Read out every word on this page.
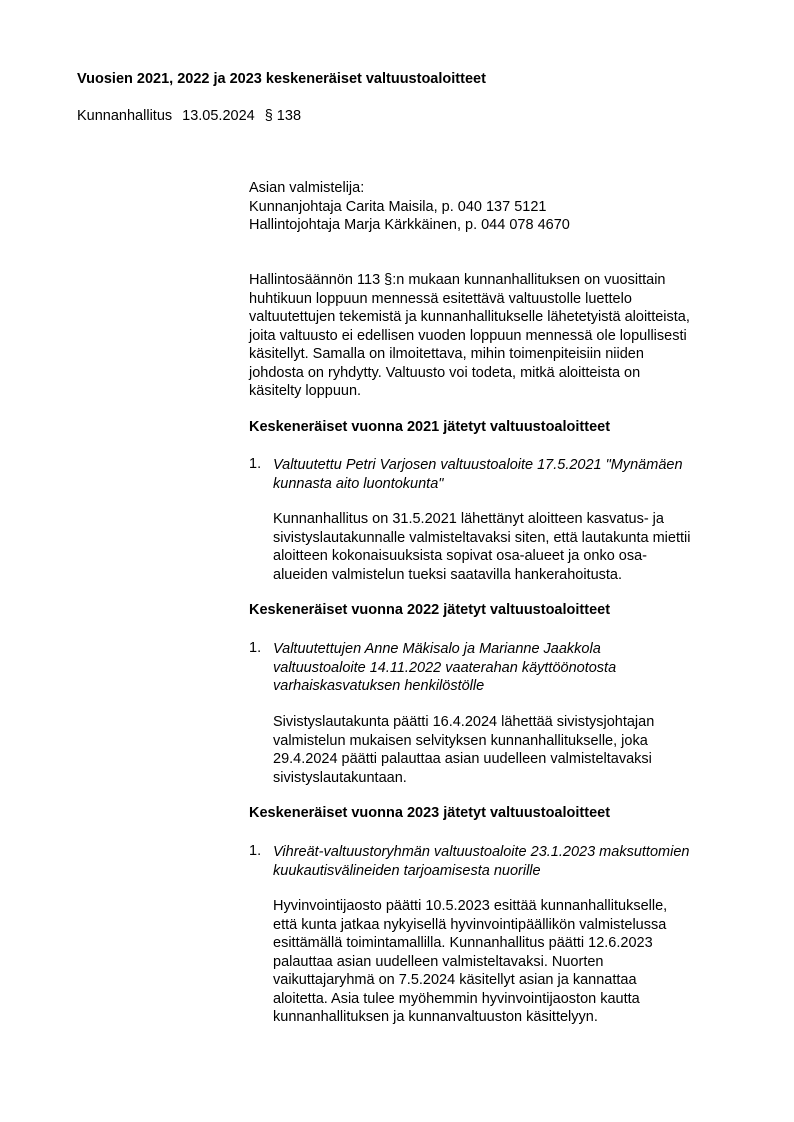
Vuosien 2021, 2022 ja 2023 keskeneräiset valtuustoaloitteet
Kunnanhallitus 13.05.2024 § 138
Asian valmistelija:
Kunnanjohtaja Carita Maisila, p. 040 137 5121
Hallintojohtaja Marja Kärkkäinen, p. 044 078 4670
Hallintosäännön 113 §:n mukaan kunnanhallituksen on vuosittain
huhtikuun loppuun mennessä esitettävä valtuustolle luettelo
valtuutettujen tekemistä ja kunnanhallitukselle lähetetyistä aloitteista,
joita valtuusto ei edellisen vuoden loppuun mennessä ole lopullisesti
käsitellyt. Samalla on ilmoitettava, mihin toimenpiteisiin niiden
johdosta on ryhdytty. Valtuusto voi todeta, mitkä aloitteista on
käsitelty loppuun.
Keskeneräiset vuonna 2021 jätetyt valtuustoaloitteet
1. Valtuutettu Petri Varjosen valtuustoaloite 17.5.2021 "Mynämäen
kunnasta aito luontokunta"
Kunnanhallitus on 31.5.2021 lähettänyt aloitteen kasvatus- ja
sivistyslautakunnalle valmisteltavaksi siten, että lautakunta miettii
aloitteen kokonaisuuksista sopivat osa-alueet ja onko osa-
alueiden valmistelun tueksi saatavilla hankerahoitusta.
Keskeneräiset vuonna 2022 jätetyt valtuustoaloitteet
1. Valtuutettujen Anne Mäkisalo ja Marianne Jaakkola
valtuustoaloite 14.11.2022 vaaterahan käyttöönotosta
varhaiskasvatuksen henkilöstölle
Sivistyslautakunta päätti 16.4.2024 lähettää sivistysjohtajan
valmistelun mukaisen selvityksen kunnanhallitukselle, joka
29.4.2024 päätti palauttaa asian uudelleen valmisteltavaksi
sivistyslautakuntaan.
Keskeneräiset vuonna 2023 jätetyt valtuustoaloitteet
1. Vihreät-valtuustoryhmän valtuustoaloite 23.1.2023 maksuttomien
kuukautisvälineiden tarjoamisesta nuorille
Hyvinvointijaosto päätti 10.5.2023 esittää kunnanhallitukselle,
että kunta jatkaa nykyisellä hyvinvointipäällikön valmistelussa
esittämällä toimintamallilla. Kunnanhallitus päätti 12.6.2023
palauttaa asian uudelleen valmisteltavaksi. Nuorten
vaikuttajaryhmä on 7.5.2024 käsitellyt asian ja kannattaa
aloitetta. Asia tulee myöhemmin hyvinvointijaoston kautta
kunnanhallituksen ja kunnanvaltuuston käsittelyyn.
